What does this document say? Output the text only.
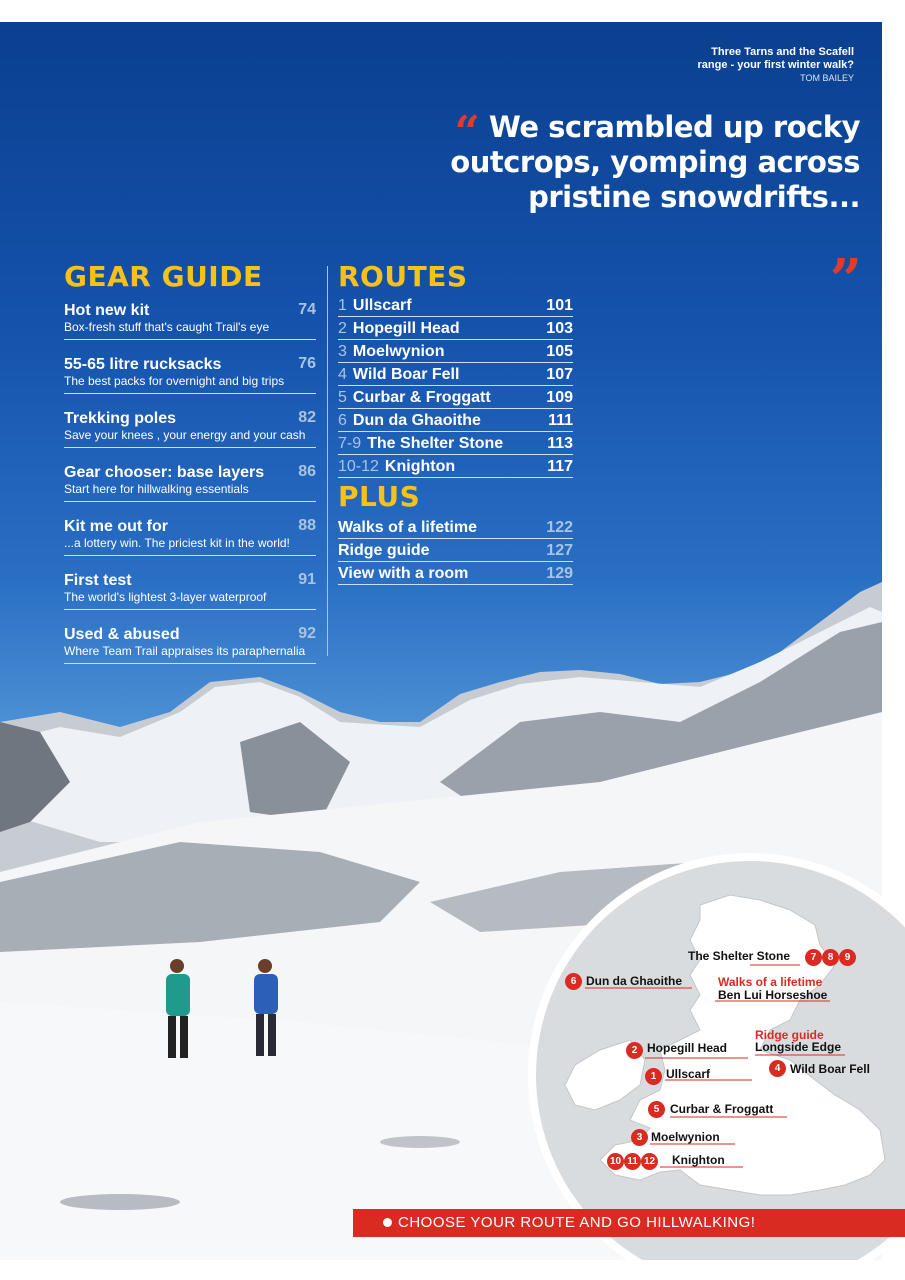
Three Tarns and the Scafell
range - your first winter walk?
TOM BAILEY
“ We scrambled up rocky outcrops, yomping across pristine snowdrifts...
”
GEAR GUIDE
Hot new kit	74
Box-fresh stuff that's caught Trail's eye
55-65 litre rucksacks	76
The best packs for overnight and big trips
Trekking poles	82
Save your knees , your energy and your cash
Gear chooser: base layers	86
Start here for hillwalking essentials
Kit me out for	88
...a lottery win. The priciest kit in the world!
First test	91
The world's lightest 3-layer waterproof
Used & abused	92
Where Team Trail appraises its paraphernalia
ROUTES
1 Ullscarf	101
2 Hopegill Head	103
3 Moelwynion	105
4 Wild Boar Fell	107
5 Curbar & Froggatt	109
6 Dun da Ghaoithe	111
7-9 The Shelter Stone	113
10-12 Knighton	117
PLUS
Walks of a lifetime	122
Ridge guide	127
View with a room	129
The Shelter Stone	7	8	9
6 Dun da Ghaoithe	Walks of a lifetime
Ben Lui Horseshoe
Ridge guide
Longside Edge
2 Hopegill Head
4 Wild Boar Fell
1 Ullscarf
5 Curbar & Froggatt
3 Moelwynion
10 11 12 Knighton
CHOOSE YOUR ROUTE AND GO HILLWALKING!
